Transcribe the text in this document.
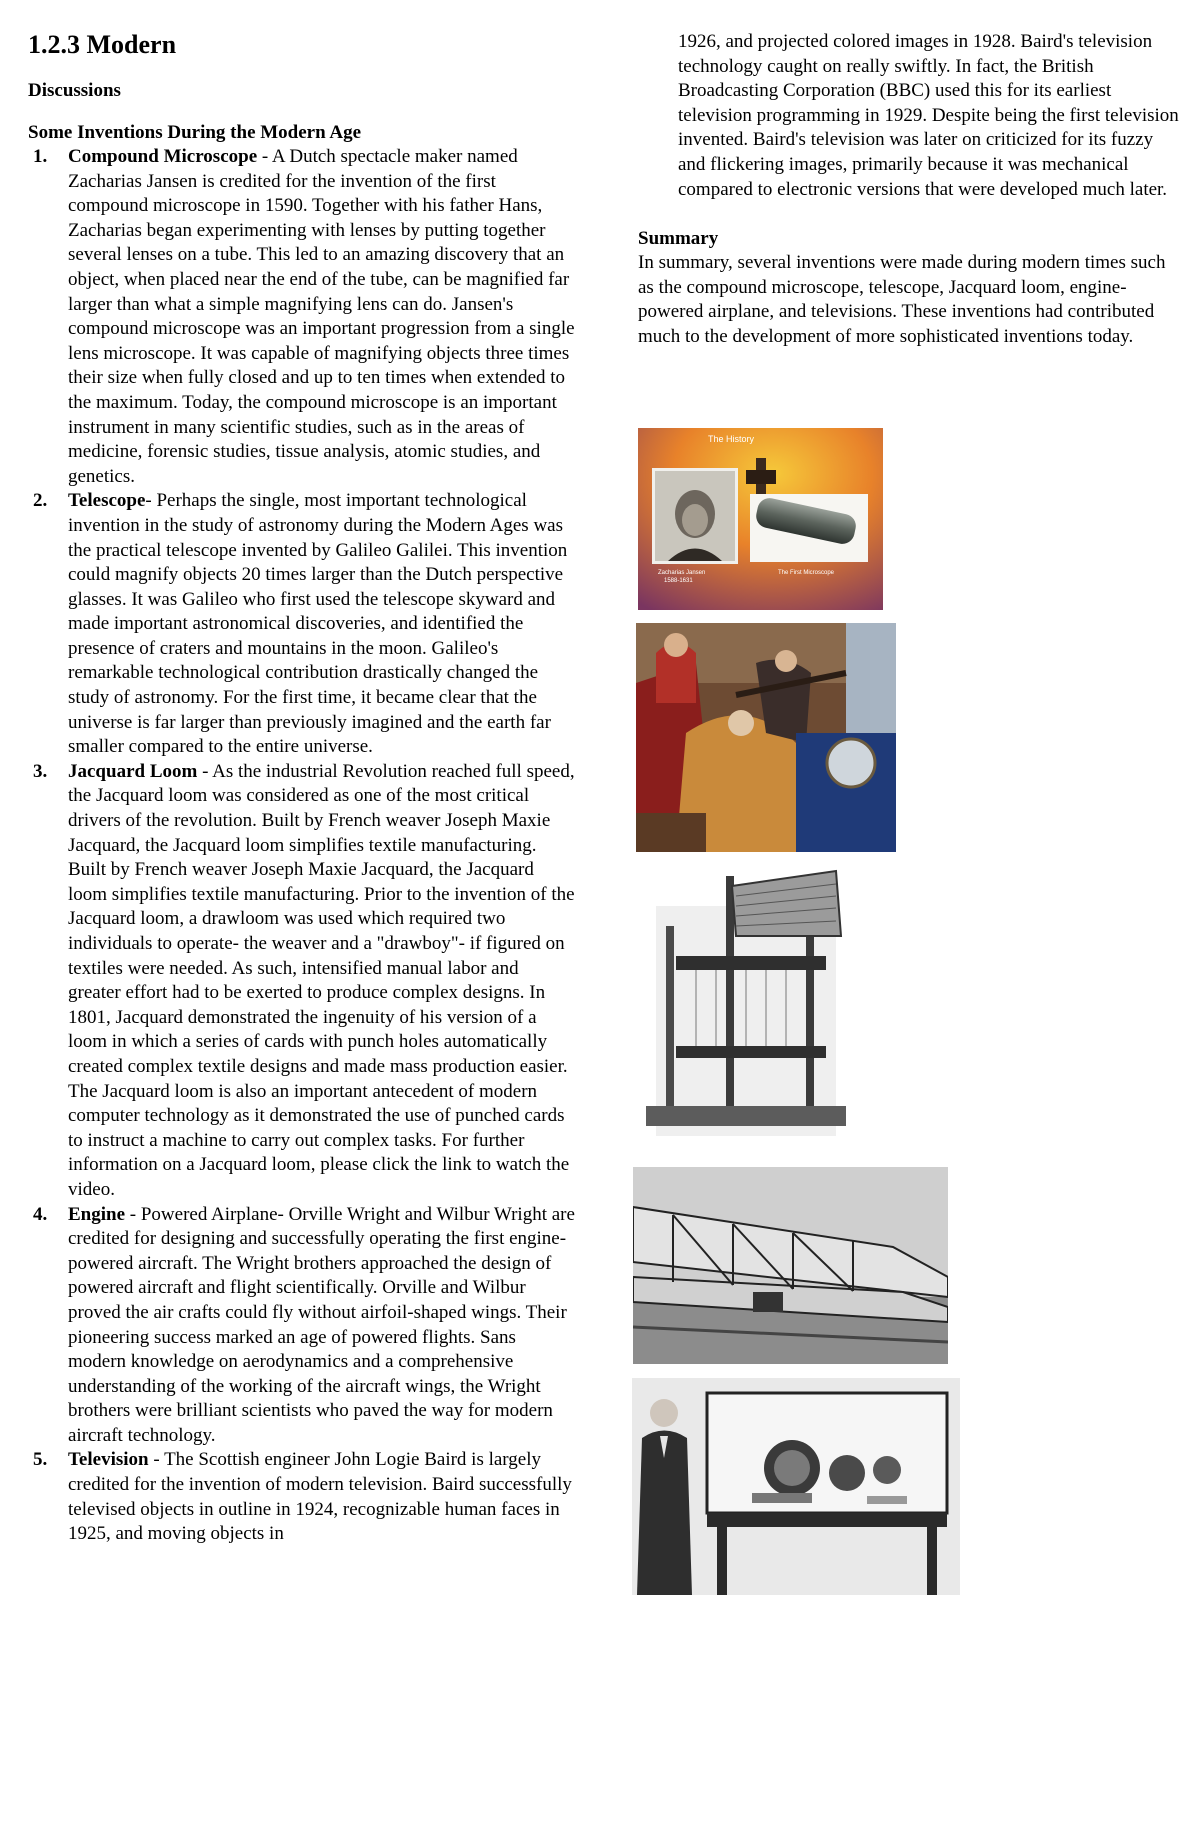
1.2.3 Modern
Discussions
Some Inventions During the Modern Age
1. Compound Microscope - A Dutch spectacle maker named Zacharias Jansen is credited for the invention of the first compound microscope in 1590. Together with his father Hans, Zacharias began experimenting with lenses by putting together several lenses on a tube. This led to an amazing discovery that an object, when placed near the end of the tube, can be magnified far larger than what a simple magnifying lens can do. Jansen's compound microscope was an important progression from a single lens microscope. It was capable of magnifying objects three times their size when fully closed and up to ten times when extended to the maximum. Today, the compound microscope is an important instrument in many scientific studies, such as in the areas of medicine, forensic studies, tissue analysis, atomic studies, and genetics.
2. Telescope- Perhaps the single, most important technological invention in the study of astronomy during the Modern Ages was the practical telescope invented by Galileo Galilei. This invention could magnify objects 20 times larger than the Dutch perspective glasses. It was Galileo who first used the telescope skyward and made important astronomical discoveries, and identified the presence of craters and mountains in the moon. Galileo's remarkable technological contribution drastically changed the study of astronomy. For the first time, it became clear that the universe is far larger than previously imagined and the earth far smaller compared to the entire universe.
3. Jacquard Loom - As the industrial Revolution reached full speed, the Jacquard loom was considered as one of the most critical drivers of the revolution. Built by French weaver Joseph Maxie Jacquard, the Jacquard loom simplifies textile manufacturing. Built by French weaver Joseph Maxie Jacquard, the Jacquard loom simplifies textile manufacturing. Prior to the invention of the Jacquard loom, a drawloom was used which required two individuals to operate- the weaver and a "drawboy"- if figured on textiles were needed. As such, intensified manual labor and greater effort had to be exerted to produce complex designs. In 1801, Jacquard demonstrated the ingenuity of his version of a loom in which a series of cards with punch holes automatically created complex textile designs and made mass production easier. The Jacquard loom is also an important antecedent of modern computer technology as it demonstrated the use of punched cards to instruct a machine to carry out complex tasks. For further information on a Jacquard loom, please click the link to watch the video.
4. Engine - Powered Airplane- Orville Wright and Wilbur Wright are credited for designing and successfully operating the first engine-powered aircraft. The Wright brothers approached the design of powered aircraft and flight scientifically. Orville and Wilbur proved the air crafts could fly without airfoil-shaped wings. Their pioneering success marked an age of powered flights. Sans modern knowledge on aerodynamics and a comprehensive understanding of the working of the aircraft wings, the Wright brothers were brilliant scientists who paved the way for modern aircraft technology.
5. Television - The Scottish engineer John Logie Baird is largely credited for the invention of modern television. Baird successfully televised objects in outline in 1924, recognizable human faces in 1925, and moving objects in
1926, and projected colored images in 1928. Baird's television technology caught on really swiftly. In fact, the British Broadcasting Corporation (BBC) used this for its earliest television programming in 1929. Despite being the first television invented. Baird's television was later on criticized for its fuzzy and flickering images, primarily because it was mechanical compared to electronic versions that were developed much later.
Summary

In summary, several inventions were made during modern times such as the compound microscope, telescope, Jacquard loom, engine-powered airplane, and televisions. These inventions had contributed much to the development of more sophisticated inventions today.

The History
Zacharias Jansen
1588-1631
The First Microscope
